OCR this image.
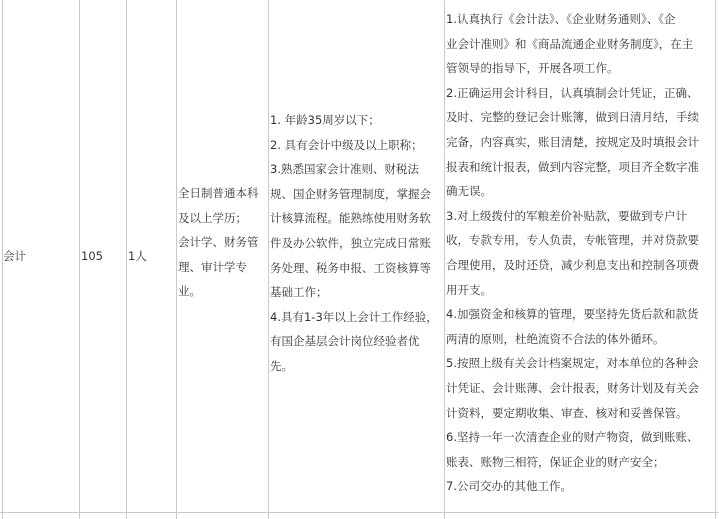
会计	105 1人
全日制普通本科
及以上学历；
会计学、财务管
理、审计学专
业。
1. 年龄35周岁以下；
2. 具有会计中级及以上职称；
3.熟悉国家会计准则、财税法
规、国企财务管理制度，掌握会
计核算流程。能熟练使用财务软
件及办公软件，独立完成日常账
务处理、税务申报、工资核算等
基础工作；
4.具有1-3年以上会计工作经验，
有国企基层会计岗位经验者优
先。
1.认真执行《会计法》、《企业财务通则》、《企
业会计准则》和《商品流通企业财务制度》，在主
管领导的指导下，开展各项工作。
2.正确运用会计科目，认真填制会计凭证，正确、
及时、完整的登记会计账簿，做到日清月结，手续
完备，内容真实，账目清楚，按规定及时填报会计
报表和统计报表，做到内容完整，项目齐全数字准
确无误。
3.对上级拨付的军粮差价补贴款，要做到专户计
收，专款专用，专人负责，专帐管理，并对贷款要
合理使用，及时还贷，减少利息支出和控制各项费
用开支。
4.加强资金和核算的管理，要坚持先货后款和款货
两清的原则，杜绝流资不合法的体外循环。
5.按照上级有关会计档案规定，对本单位的各种会
计凭证、会计账薄、会计报表，财务计划及有关会
计资料，要定期收集、审查、核对和妥善保管。
6.坚持一年一次清查企业的财产物资，做到账账、
账表、账物三相符，保证企业的财产安全；
7.公司交办的其他工作。
